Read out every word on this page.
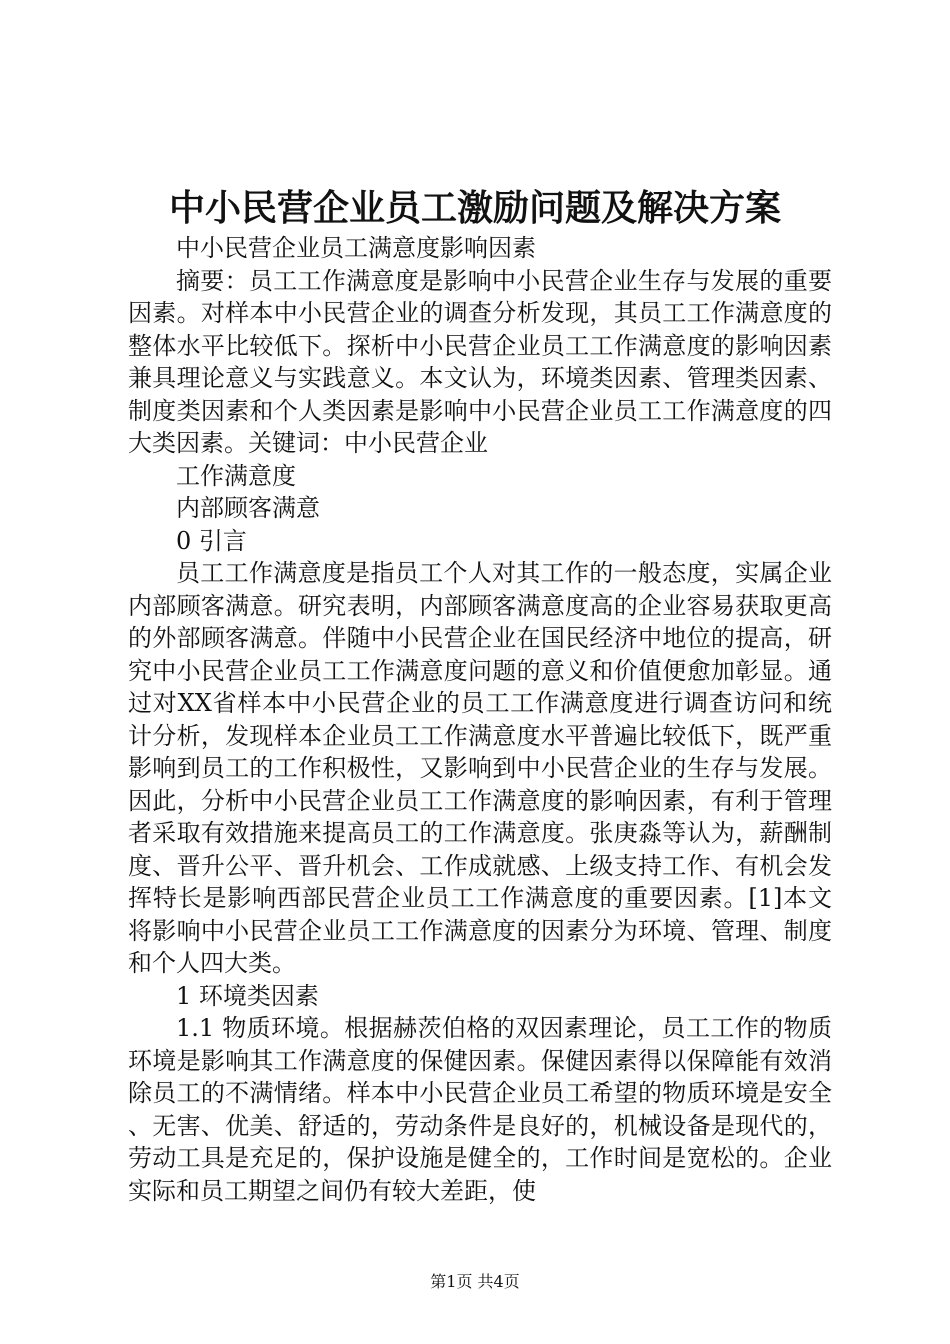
中小民营企业员工激励问题及解决方案

中小民营企业员工满意度影响因素

摘要：员工工作满意度是影响中小民营企业生存与发展的重要因素。对样本中小民营企业的调查分析发现，其员工工作满意度的整体水平比较低下。探析中小民营企业员工工作满意度的影响因素兼具理论意义与实践意义。本文认为，环境类因素、管理类因素、制度类因素和个人类因素是影响中小民营企业员工工作满意度的四大类因素。关键词：中小民营企业

工作满意度

内部顾客满意

0 引言

员工工作满意度是指员工个人对其工作的一般态度，实属企业内部顾客满意。研究表明，内部顾客满意度高的企业容易获取更高的外部顾客满意。伴随中小民营企业在国民经济中地位的提高，研究中小民营企业员工工作满意度问题的意义和价值便愈加彰显。通过对XX省样本中小民营企业的员工工作满意度进行调查访问和统计分析，发现样本企业员工工作满意度水平普遍比较低下，既严重影响到员工的工作积极性，又影响到中小民营企业的生存与发展。因此，分析中小民营企业员工工作满意度的影响因素，有利于管理者采取有效措施来提高员工的工作满意度。张庚淼等认为，薪酬制度、晋升公平、晋升机会、工作成就感、上级支持工作、有机会发挥特长是影响西部民营企业员工工作满意度的重要因素。[1]本文将影响中小民营企业员工工作满意度的因素分为环境、管理、制度和个人四大类。

1 环境类因素

1.1 物质环境。根据赫茨伯格的双因素理论，员工工作的物质环境是影响其工作满意度的保健因素。保健因素得以保障能有效消除员工的不满情绪。样本中小民营企业员工希望的物质环境是安全、无害、优美、舒适的，劳动条件是良好的，机械设备是现代的，劳动工具是充足的，保护设施是健全的，工作时间是宽松的。企业实际和员工期望之间仍有较大差距，使

第1页 共4页
